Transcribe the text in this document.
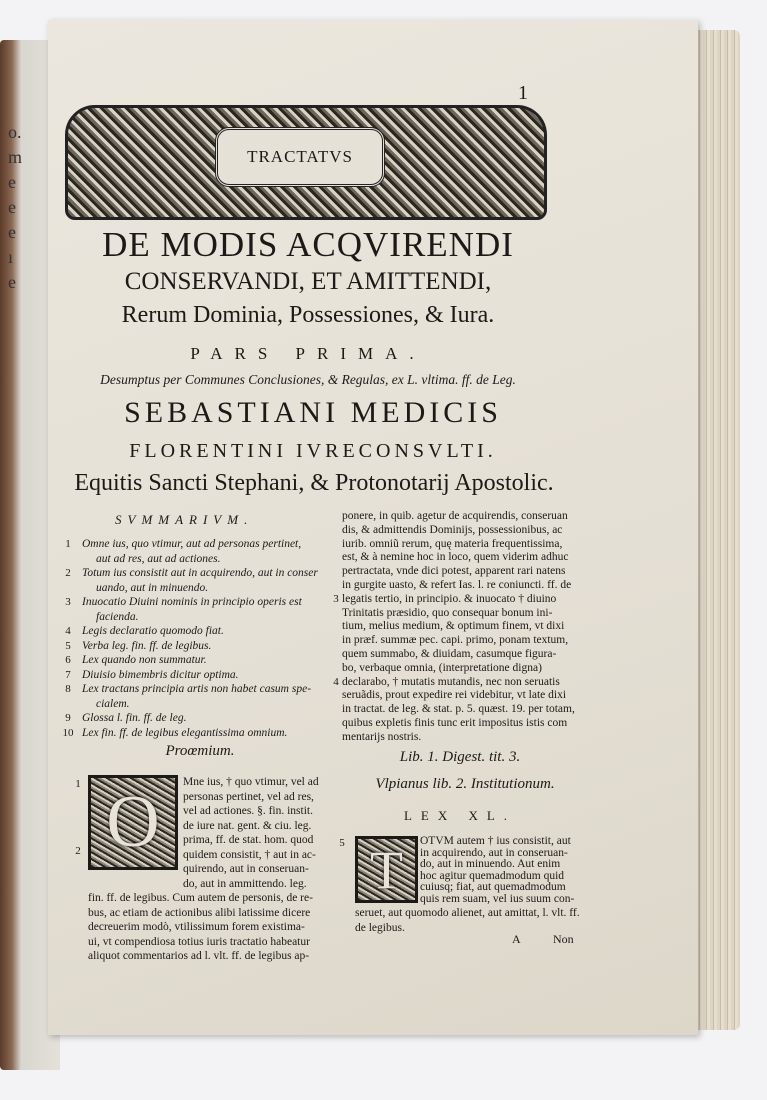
o.
m
e
e
e
ı
e
1
TRACTATVS
DE MODIS ACQVIRENDI
CONSERVANDI, ET AMITTENDI,
Rerum Dominia, Possessiones, & Iura.
PARS PRIMA.
Desumptus per Communes Conclusiones, & Regulas, ex L. vltima. ff. de Leg.
SEBASTIANI MEDICIS
FLORENTINI IVRECONSVLTI.
Equitis Sancti Stephani, & Protonotarij Apostolic.
SVMMARIVM.
1 Omne ius, quo vtimur, aut ad personas pertinet,
aut ad res, aut ad actiones.
2 Totum ius consistit aut in acquirendo, aut in conser
uando, aut in minuendo.
3 Inuocatio Diuini nominis in principio operis est
facienda.
4 Legis declaratio quomodo fiat.
5 Verba leg. fin. ff. de legibus.
6 Lex quando non summatur.
7 Diuisio bimembris dicitur optima.
8 Lex tractans principia artis non habet casum spe-
cialem.
9 Glossa l. fin. ff. de leg.
10 Lex fin. ff. de legibus elegantissima omnium.
ponere, in quib. agetur de acquirendis, conseruan
dis, & admittendis Dominijs, possessionibus, ac
iurib. omniũ rerum, quę materia frequentissima,
est, & à nemine hoc in loco, quem viderim adhuc
pertractata, vnde dici potest, apparent rari natens
in gurgite uasto, & refert Ias. l. re coniuncti. ff. de
legatis tertio, in principio. & inuocato † diuino
Trinitatis præsidio, quo consequar bonum ini-
tium, melius medium, & optimum finem, vt dixi
in præf. summæ pec. capi. primo, ponam textum,
quem summabo, & diuidam, casumque figura-
bo, verbaque omnia, (interpretatione digna)
declarabo, † mutatis mutandis, nec non seruatis
seruãdis, prout expedire rei videbitur, vt late dixi
in tractat. de leg. & stat. p. 5. quæst. 19. per totam,
quibus expletis finis tunc erit impositus istis com
mentarijs nostris.
3
4
Proœmium.
1
2 O	Mne ius, † quo vtimur, vel ad
personas pertinet, vel ad res,
vel ad actiones. §. fin. instit.
de iure nat. gent. & ciu. leg.
prima, ff. de stat. hom. quod
quidem consistit, † aut in ac-
quirendo, aut in conseruan-
do, aut in ammittendo. leg.
fin. ff. de legibus. Cum autem de personis, de re-
bus, ac etiam de actionibus alibi latissime dicere
decreuerim modò, vtilissimum forem existima-
ui, vt compendiosa totius iuris tractatio habeatur
aliquot commentarios ad l. vlt. ff. de legibus ap-
Lib. 1. Digest. tit. 3.
Vlpianus lib. 2. Institutionum.
LEX XL.
5 T	OTVM autem † ius consistit, aut
in acquirendo, aut in conseruan-
do, aut in minuendo. Aut enim
hoc agitur quemadmodum quid
cuiusq; fiat, aut quemadmodum
quis rem suam, vel ius suum con-
seruet, aut quomodo alienet, aut amittat, l. vlt. ff.
de legibus.
A	Non
